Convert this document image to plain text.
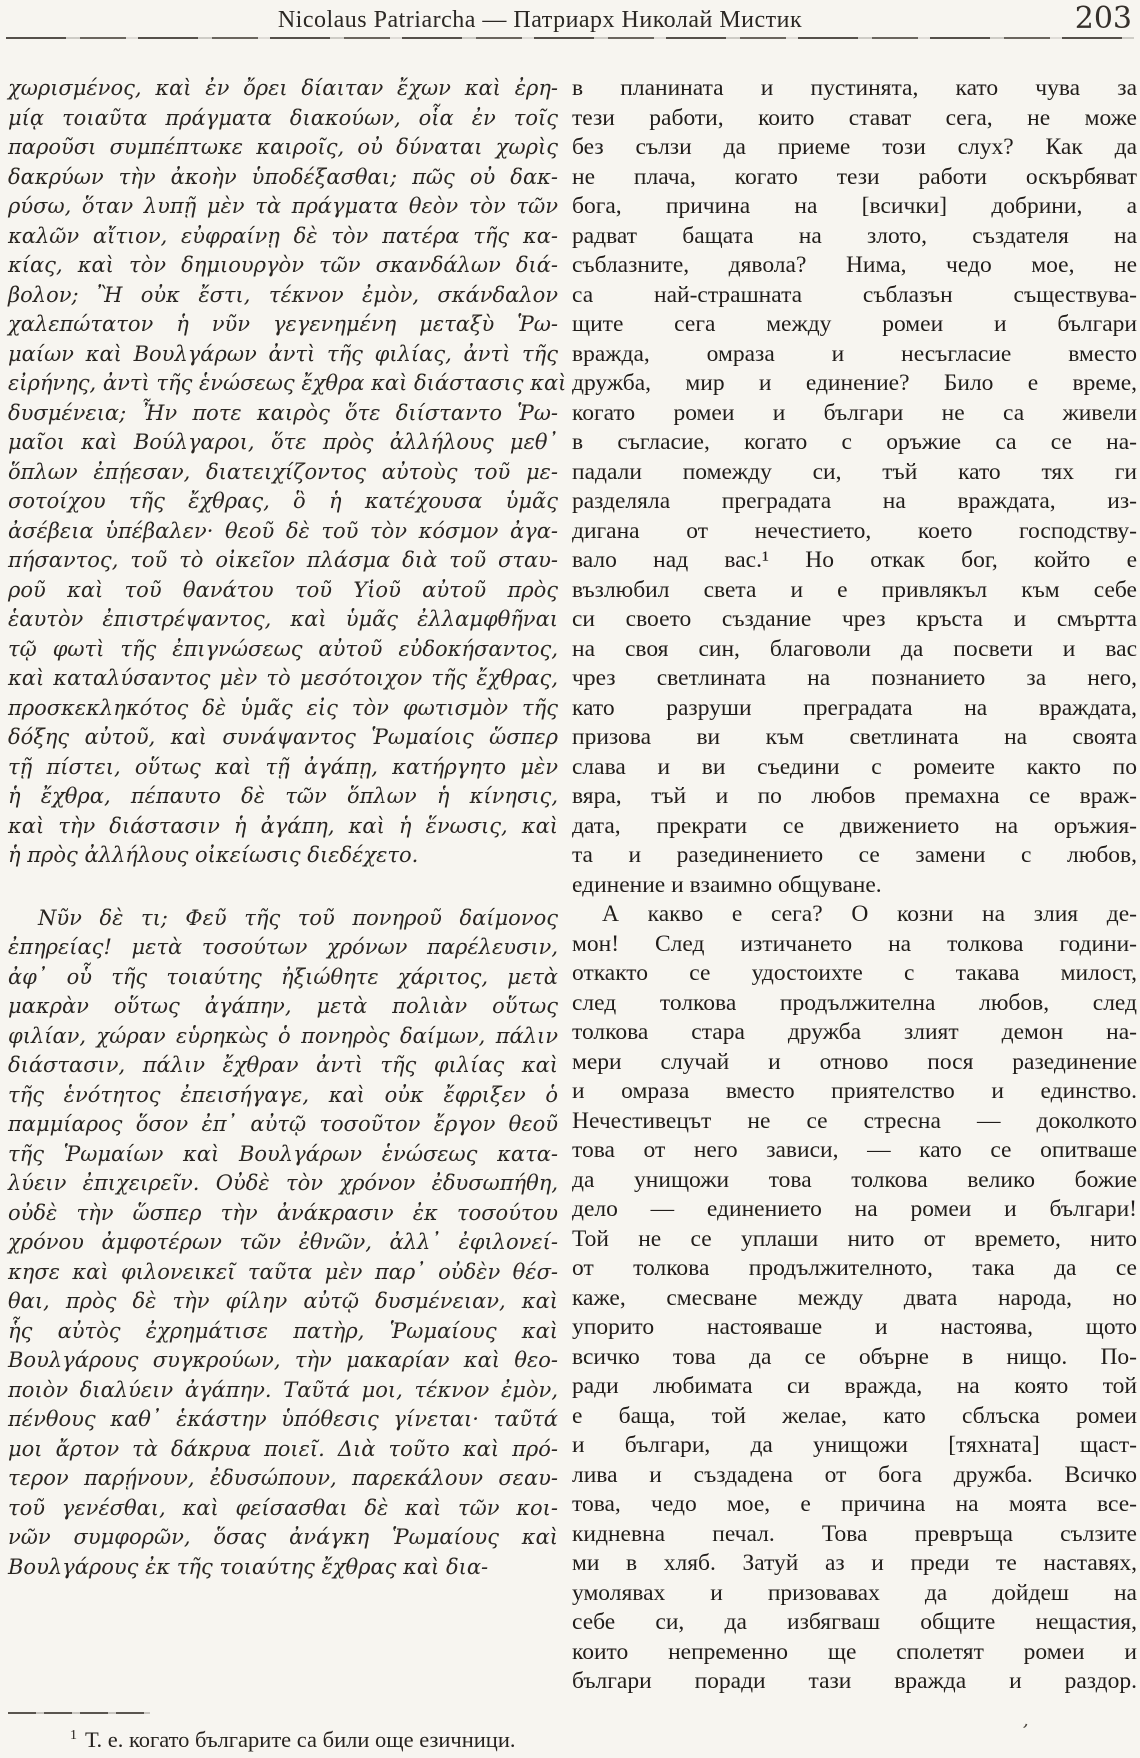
Nicolaus Patriarcha — Патриарх Николай Мистик	203
χωρισμένος, καὶ ἐν ὄρει δίαιταν ἔχων καὶ ἐρη-
μίᾳ τοιαῦτα πράγματα διακούων, οἷα ἐν τοῖς
παροῦσι συμπέπτωκε καιροῖς, οὐ δύναται χωρὶς
δακρύων τὴν ἀκοὴν ὑποδέξασθαι; πῶς οὐ δακ-
ρύσω, ὅταν λυπῇ μὲν τὰ πράγματα θεὸν τὸν τῶν
καλῶν αἴτιον, εὐφραίνῃ δὲ τὸν πατέρα τῆς κα-
κίας, καὶ τὸν δημιουργὸν τῶν σκανδάλων διά-
βολον; Ἢ οὐκ ἔστι, τέκνον ἐμὸν, σκάνδαλον
χαλεπώτατον ἡ νῦν γεγενημένη μεταξὺ Ῥω-
μαίων καὶ Βουλγάρων ἀντὶ τῆς φιλίας, ἀντὶ τῆς
εἰρήνης, ἀντὶ τῆς ἑνώσεως ἔχθρα καὶ διάστασις καὶ
δυσμένεια; Ἦν ποτε καιρὸς ὅτε διίσταντο Ῥω-
μαῖοι καὶ Βούλγαροι, ὅτε πρὸς ἀλλήλους μεθ᾽
ὅπλων ἐπῄεσαν, διατειχίζοντος αὐτοὺς τοῦ με-
σοτοίχου τῆς ἔχθρας, ὃ ἡ κατέχουσα ὑμᾶς
ἀσέβεια ὑπέβαλεν· θεοῦ δὲ τοῦ τὸν κόσμον ἀγα-
πήσαντος, τοῦ τὸ οἰκεῖον πλάσμα διὰ τοῦ σταυ-
ροῦ καὶ τοῦ θανάτου τοῦ Υἱοῦ αὐτοῦ πρὸς
ἑαυτὸν ἐπιστρέψαντος, καὶ ὑμᾶς ἐλλαμφθῆναι
τῷ φωτὶ τῆς ἐπιγνώσεως αὐτοῦ εὐδοκήσαντος,
καὶ καταλύσαντος μὲν τὸ μεσότοιχον τῆς ἔχθρας,
προσκεκληκότος δὲ ὑμᾶς εἰς τὸν φωτισμὸν τῆς
δόξης αὐτοῦ, καὶ συνάψαντος Ῥωμαίοις ὥσπερ
τῇ πίστει, οὕτως καὶ τῇ ἀγάπῃ, κατήργητο μὲν
ἡ ἔχθρα, πέπαυτο δὲ τῶν ὅπλων ἡ κίνησις,
καὶ τὴν διάστασιν ἡ ἀγάπη, καὶ ἡ ἕνωσις, καὶ
ἡ πρὸς ἀλλήλους οἰκείωσις διεδέχετο.
Νῦν δὲ τι; Φεῦ τῆς τοῦ πονηροῦ δαίμονος
ἐπηρείας! μετὰ τοσούτων χρόνων παρέλευσιν,
ἀφ᾽ οὗ τῆς τοιαύτης ἠξιώθητε χάριτος, μετὰ
μακρὰν οὕτως ἀγάπην, μετὰ πολιὰν οὕτως
φιλίαν, χώραν εὑρηκὼς ὁ πονηρὸς δαίμων, πάλιν
διάστασιν, πάλιν ἔχθραν ἀντὶ τῆς φιλίας καὶ
τῆς ἑνότητος ἐπεισήγαγε, καὶ οὐκ ἔφριξεν ὁ
παμμίαρος ὅσον ἐπ᾽ αὐτῷ τοσοῦτον ἔργον θεοῦ
τῆς Ῥωμαίων καὶ Βουλγάρων ἑνώσεως κατα-
λύειν ἐπιχειρεῖν. Οὐδὲ τὸν χρόνον ἐδυσωπήθη,
οὐδὲ τὴν ὥσπερ τὴν ἀνάκρασιν ἐκ τοσούτου
χρόνου ἀμφοτέρων τῶν ἐθνῶν, ἀλλ᾽ ἐφιλονεί-
κησε καὶ φιλονεικεῖ ταῦτα μὲν παρ᾽ οὐδὲν θέσ-
θαι, πρὸς δὲ τὴν φίλην αὐτῷ δυσμένειαν, καὶ
ἧς αὐτὸς ἐχρημάτισε πατὴρ, Ῥωμαίους καὶ
Βουλγάρους συγκρούων, τὴν μακαρίαν καὶ θεο-
ποιὸν διαλύειν ἀγάπην. Ταῦτά μοι, τέκνον ἐμὸν,
πένθους καθ᾽ ἑκάστην ὑπόθεσις γίνεται· ταῦτά
μοι ἄρτον τὰ δάκρυα ποιεῖ. Διὰ τοῦτο καὶ πρό-
τερον παρῄνουν, ἐδυσώπουν, παρεκάλουν σεαυ-
τοῦ γενέσθαι, καὶ φείσασθαι δὲ καὶ τῶν κοι-
νῶν συμφορῶν, ὅσας ἀνάγκη Ῥωμαίους καὶ
Βουλγάρους ἐκ τῆς τοιαύτης ἔχθρας καὶ δια-
в планината и пустинята, като чува за
тези работи, които стават сега, не може
без сълзи да приеме този слух? Как да
не плача, когато тези работи оскърбяват
бога, причина на [всички] добрини, а
радват бащата на злото, създателя на
съблазните, дявола? Нима, чедо мое, не
са най-страшната съблазън съществува-
щите сега между ромеи и българи
вражда, омраза и несъгласие вместо
дружба, мир и единение? Било е време,
когато ромеи и българи не са живели
в съгласие, когато с оръжие са се на-
падали помежду си, тъй като тях ги
разделяла преградата на враждата, из-
дигана от нечестието, което господству-
вало над вас.¹ Но откак бог, който е
възлюбил света и е привлякъл към себе
си своето създание чрез кръста и смъртта
на своя син, благоволи да посвети и вас
чрез светлината на познанието за него,
като разруши преградата на враждата,
призова ви към светлината на своята
слава и ви съедини с ромеите както по
вяра, тъй и по любов премахна се враж-
дата, прекрати се движението на оръжия-
та и разединението се замени с любов,
единение и взаимно общуване.
А какво е сега? О козни на злия де-
мон! След изтичането на толкова години-
откакто се удостоихте с такава милост,
след толкова продължителна любов, след
толкова стара дружба злият демон на-
мери случай и отново пося разединение
и омраза вместо приятелство и единство.
Нечестивецът не се стресна — доколкото
това от него зависи, — като се опитваше
да унищожи това толкова велико божие
дело — единението на ромеи и българи!
Той не се уплаши нито от времето, нито
от толкова продължителното, така да се
каже, смесване между двата народа, но
упорито настояваше и настоява, щото
всичко това да се обърне в нищо. По-
ради любимата си вражда, на която той
е баща, той желае, като сблъска ромеи
и българи, да унищожи [тяхната] щаст-
лива и създадена от бога дружба. Всичко
това, чедо мое, е причина на моята все-
кидневна печал. Това превръща сълзите
ми в хляб. Затуй аз и преди те наставях,
умолявах и призовавах да дойдеш на
себе си, да избягваш общите нещастия,
които непременно ще сполетят ромеи и
българи поради тази вражда и раздор.
$^1$ Т. е. когато българите са били още езичници.
‚
